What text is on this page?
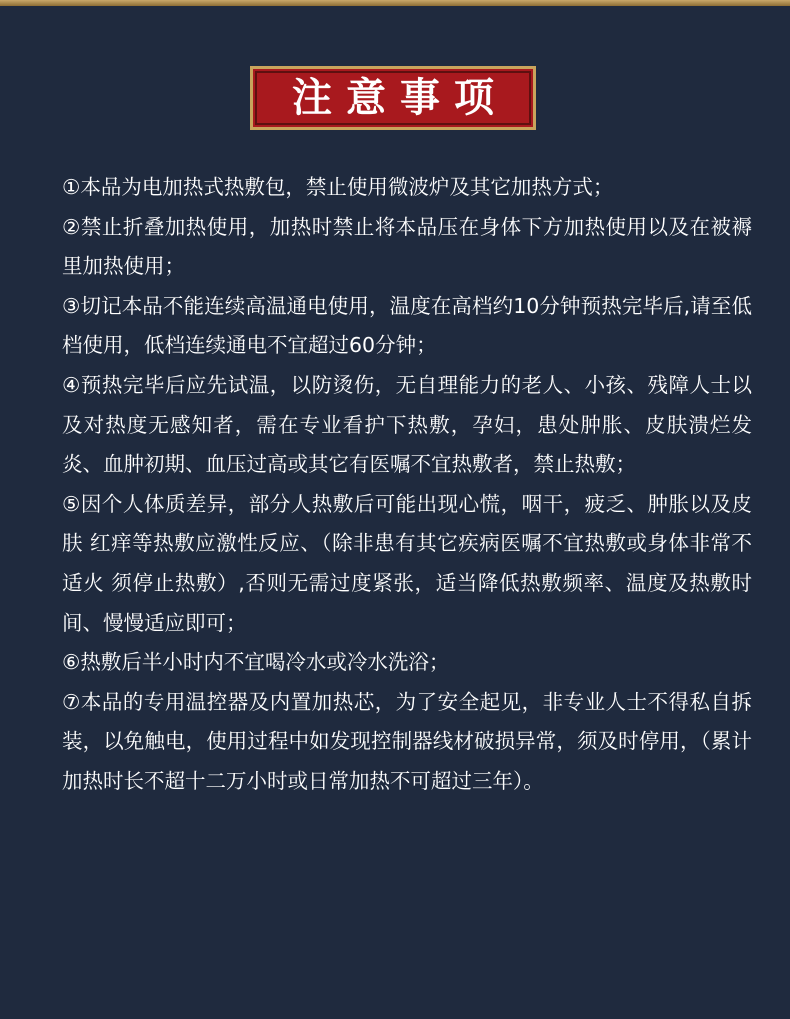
注意事项

①本品为电加热式热敷包，禁止使用微波炉及其它加热方式；

②禁止折叠加热使用，加热时禁止将本品压在身体下方加热使用以及在被褥里加热使用；

③切记本品不能连续高温通电使用，温度在高档约10分钟预热完毕后,请至低档使用，低档连续通电不宜超过60分钟；

④预热完毕后应先试温，以防烫伤，无自理能力的老人、小孩、残障人士以及对热度无感知者，需在专业看护下热敷，孕妇，患处肿胀、皮肤溃烂发炎、血肿初期、血压过高或其它有医嘱不宜热敷者，禁止热敷；

⑤因个人体质差异，部分人热敷后可能出现心慌，咽干，疲乏、肿胀以及皮肤 红痒等热敷应激性反应、（除非患有其它疾病医嘱不宜热敷或身体非常不适火 须停止热敷）,否则无需过度紧张，适当降低热敷频率、温度及热敷时间、慢慢适应即可；

⑥热敷后半小时内不宜喝冷水或冷水洗浴；

⑦本品的专用温控器及内置加热芯，为了安全起见，非专业人士不得私自拆装，以免触电，使用过程中如发现控制器线材破损异常，须及时停用，（累计加热时长不超十二万小时或日常加热不可超过三年）。
